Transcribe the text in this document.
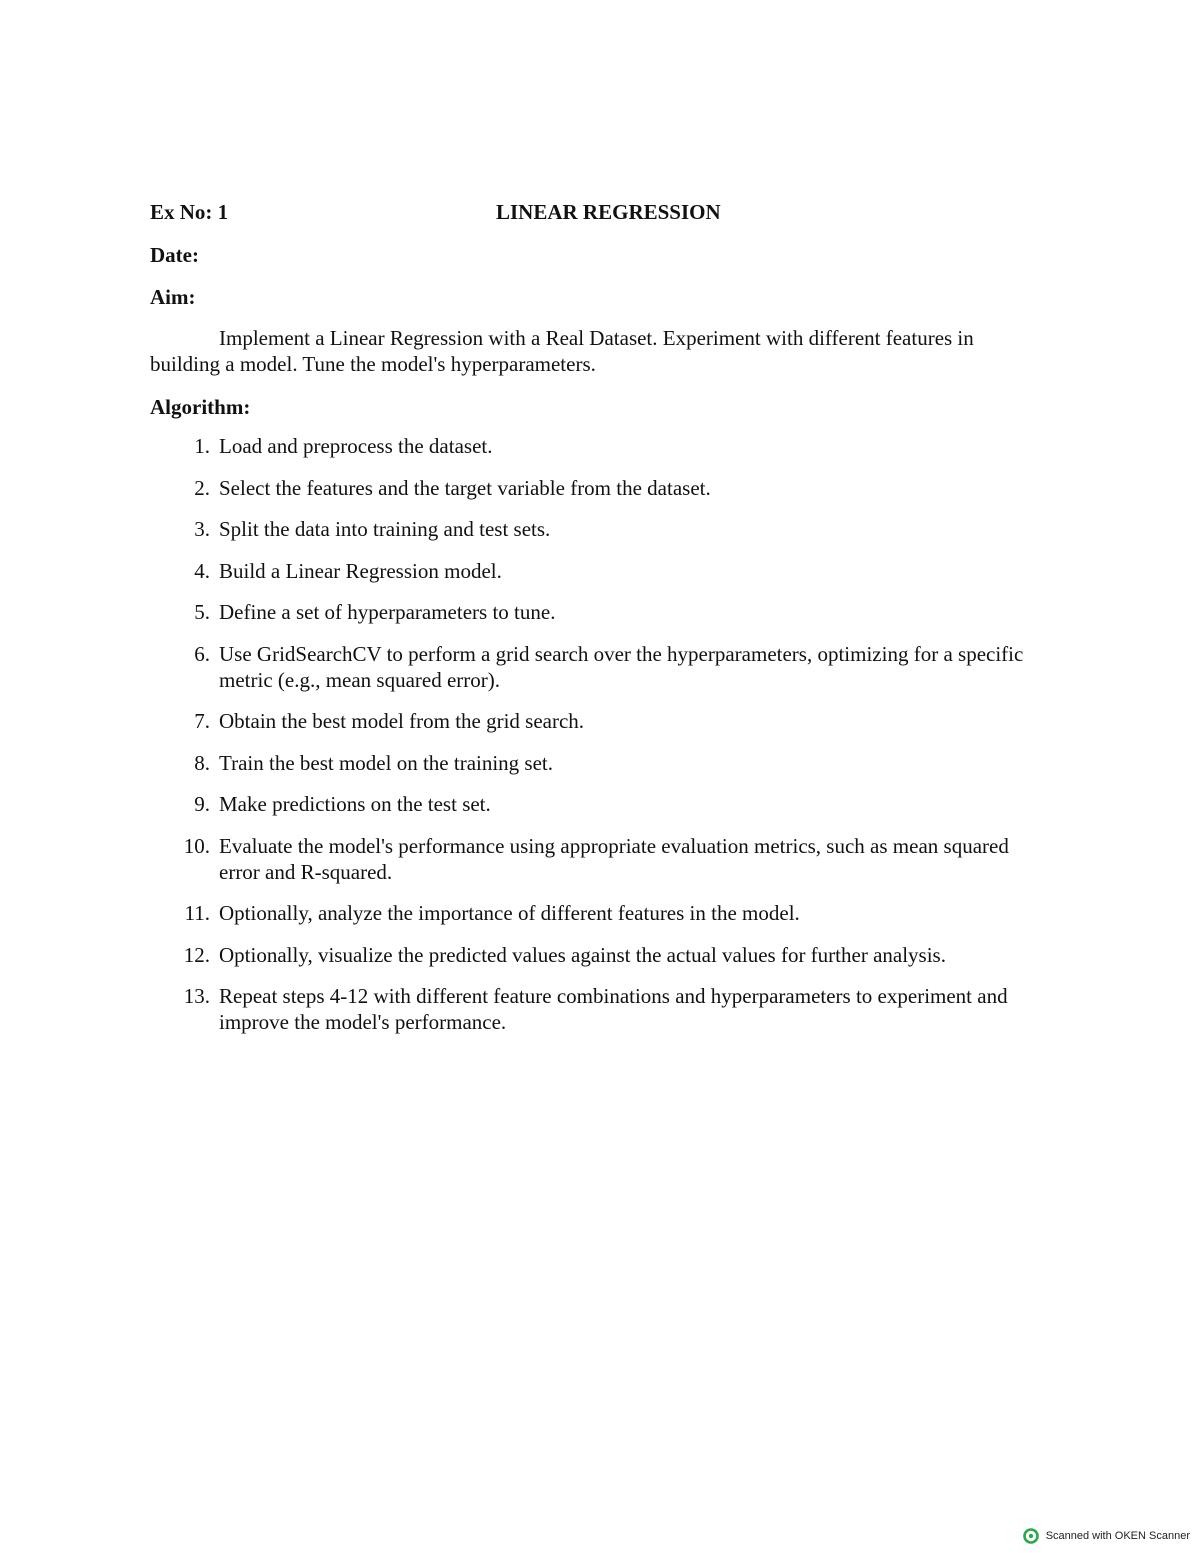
Ex No: 1	LINEAR REGRESSION
Date:
Aim:
Implement a Linear Regression with a Real Dataset. Experiment with different features in building a model. Tune the model's hyperparameters.
Algorithm:
1. Load and preprocess the dataset.
2. Select the features and the target variable from the dataset.
3. Split the data into training and test sets.
4. Build a Linear Regression model.
5. Define a set of hyperparameters to tune.
6. Use GridSearchCV to perform a grid search over the hyperparameters, optimizing for a specific metric (e.g., mean squared error).
7. Obtain the best model from the grid search.
8. Train the best model on the training set.
9. Make predictions on the test set.
10. Evaluate the model's performance using appropriate evaluation metrics, such as mean squared error and R-squared.
11. Optionally, analyze the importance of different features in the model.
12. Optionally, visualize the predicted values against the actual values for further analysis.
13. Repeat steps 4-12 with different feature combinations and hyperparameters to experiment and improve the model's performance.
Scanned with OKEN Scanner
